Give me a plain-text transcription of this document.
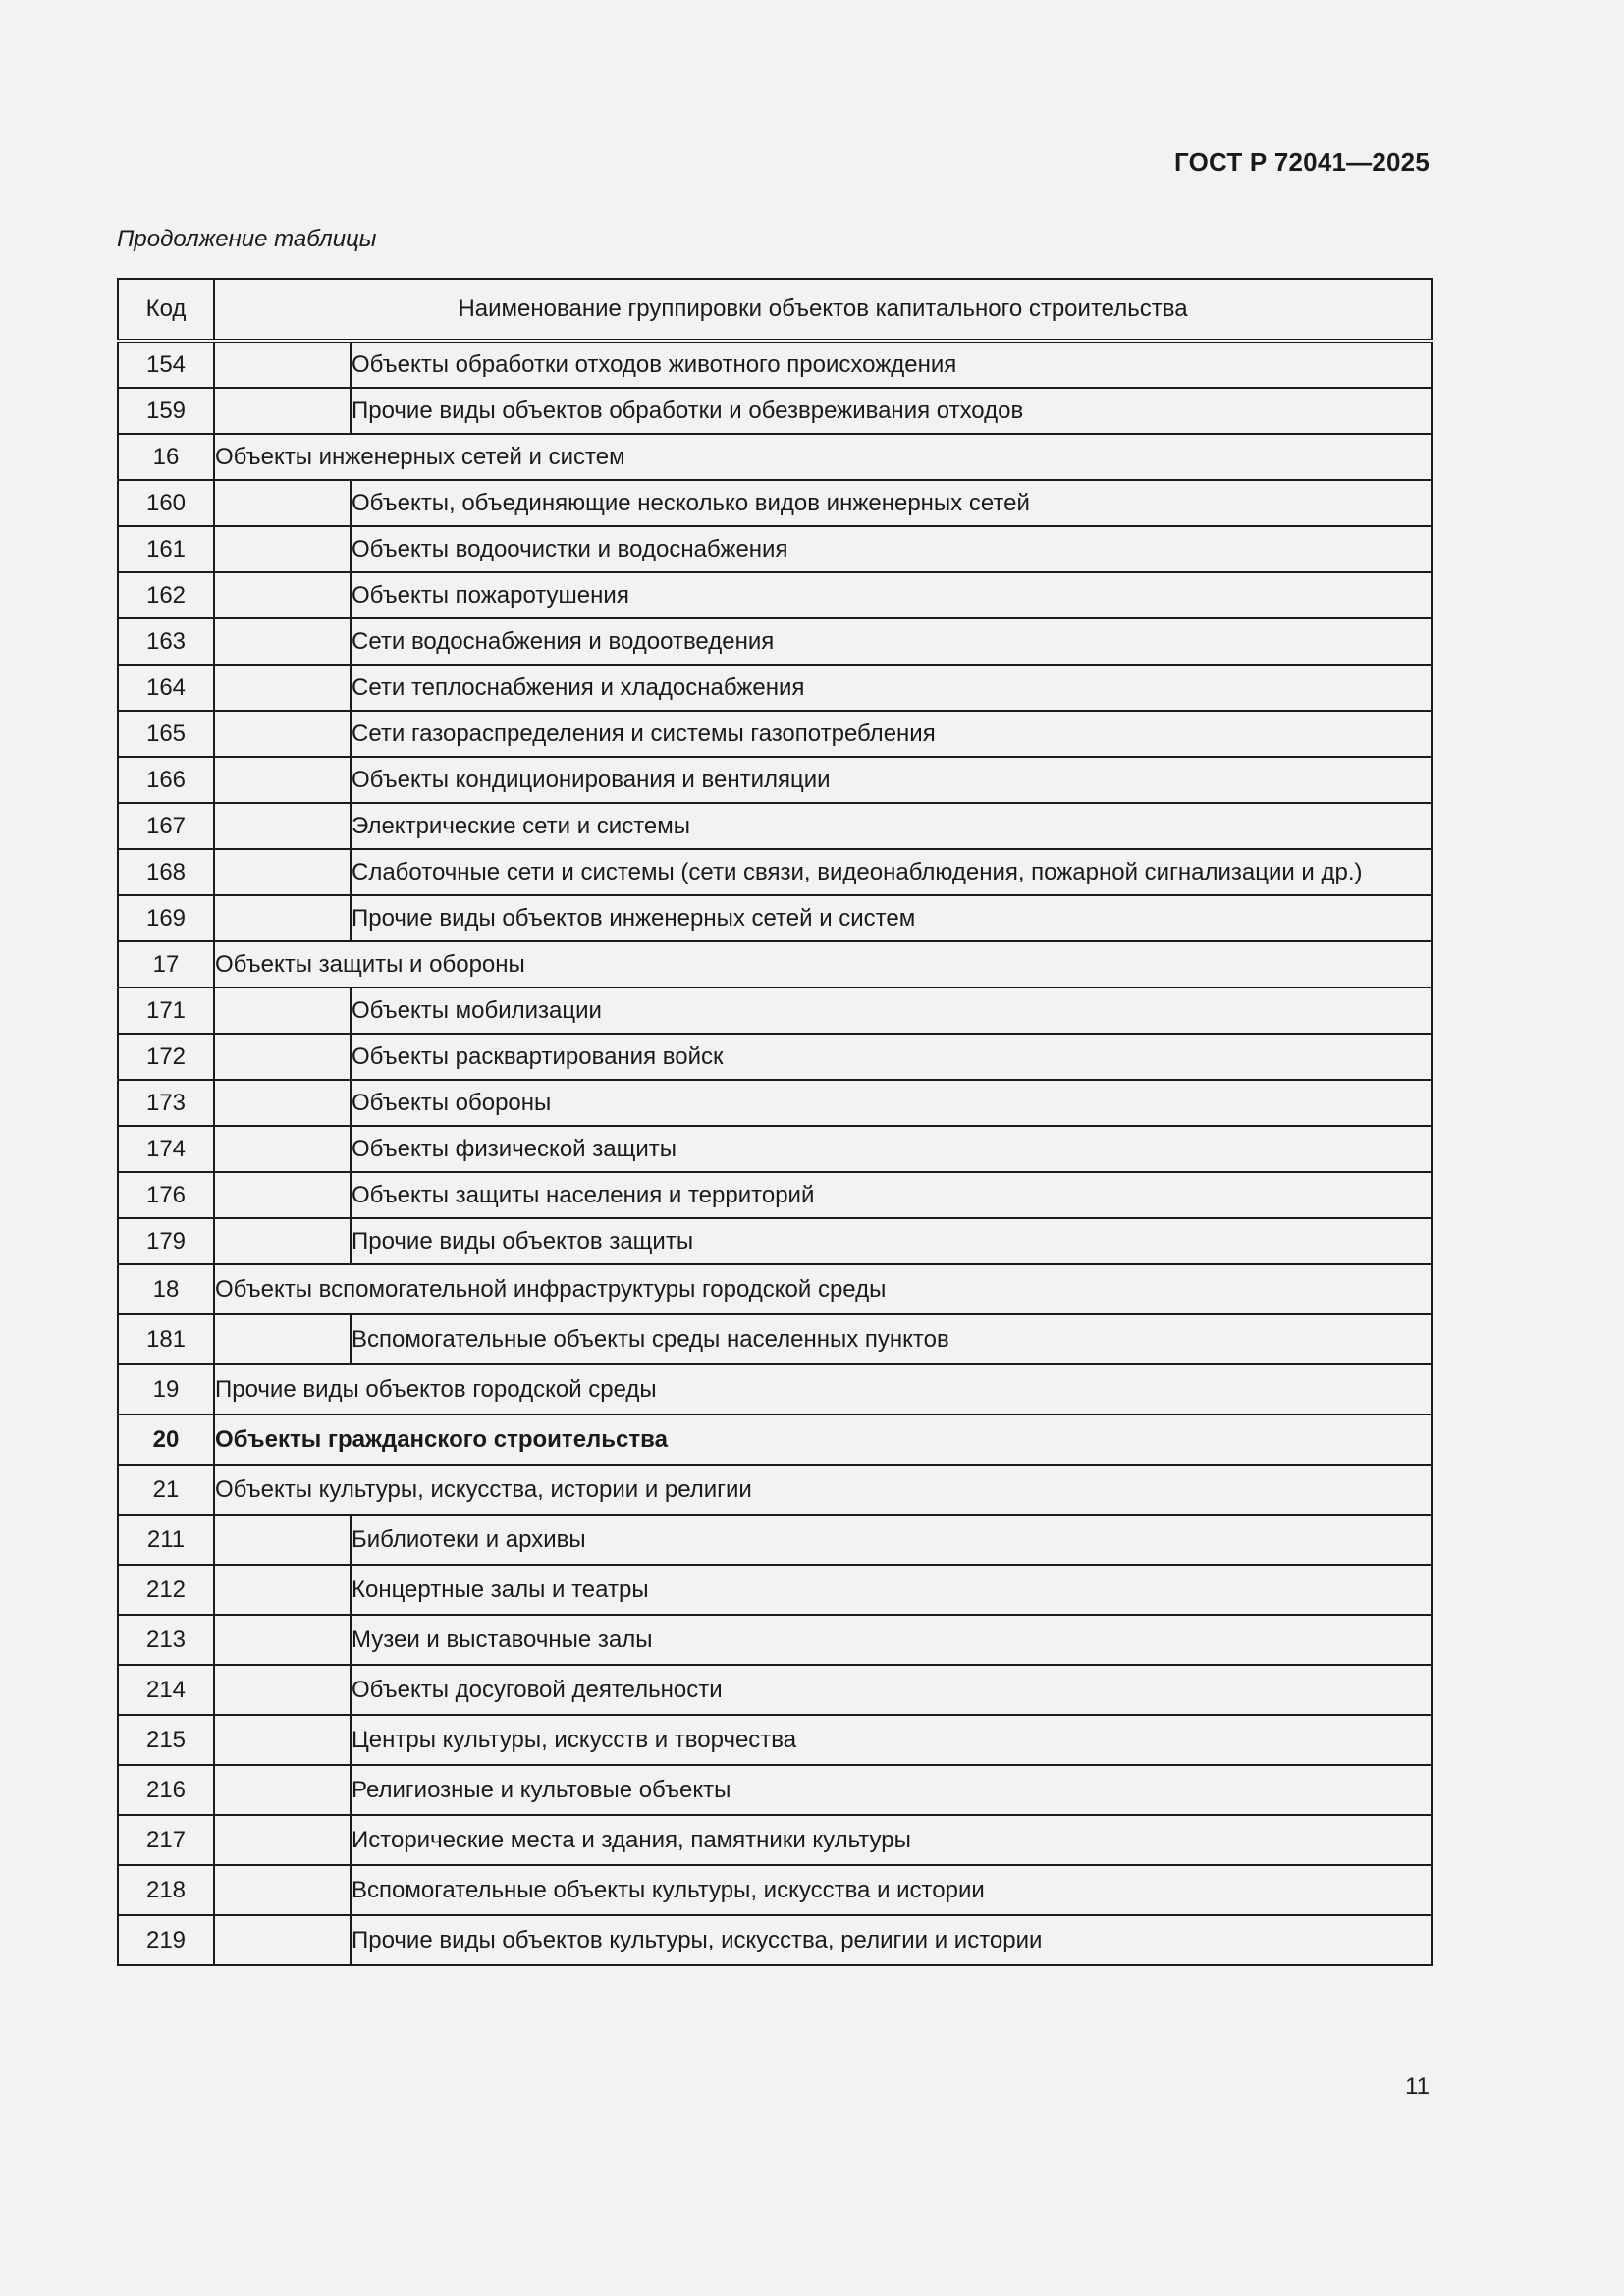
ГОСТ Р 72041—2025
Продолжение таблицы
Код	Наименование группировки объектов капитального строительства	
154		Объекты обработки отходов животного происхождения
159		Прочие виды объектов обработки и обезвреживания отходов
16	Объекты инженерных сетей и систем	
160		Объекты, объединяющие несколько видов инженерных сетей
161		Объекты водоочистки и водоснабжения
162		Объекты пожаротушения
163		Сети водоснабжения и водоотведения
164		Сети теплоснабжения и хладоснабжения
165		Сети газораспределения и системы газопотребления
166		Объекты кондиционирования и вентиляции
167		Электрические сети и системы
168		Слаботочные сети и системы (сети связи, видеонаблюдения, пожарной сигнализации и др.)
169		Прочие виды объектов инженерных сетей и систем
17	Объекты защиты и обороны	
171		Объекты мобилизации
172		Объекты расквартирования войск
173		Объекты обороны
174		Объекты физической защиты
176		Объекты защиты населения и территорий
179		Прочие виды объектов защиты
18	Объекты вспомогательной инфраструктуры городской среды	
181		Вспомогательные объекты среды населенных пунктов
19	Прочие виды объектов городской среды	
20	Объекты гражданского строительства	
21	Объекты культуры, искусства, истории и религии	
211		Библиотеки и архивы
212		Концертные залы и театры
213		Музеи и выставочные залы
214		Объекты досуговой деятельности
215		Центры культуры, искусств и творчества
216		Религиозные и культовые объекты
217		Исторические места и здания, памятники культуры
218		Вспомогательные объекты культуры, искусства и истории
219		Прочие виды объектов культуры, искусства, религии и истории
11
